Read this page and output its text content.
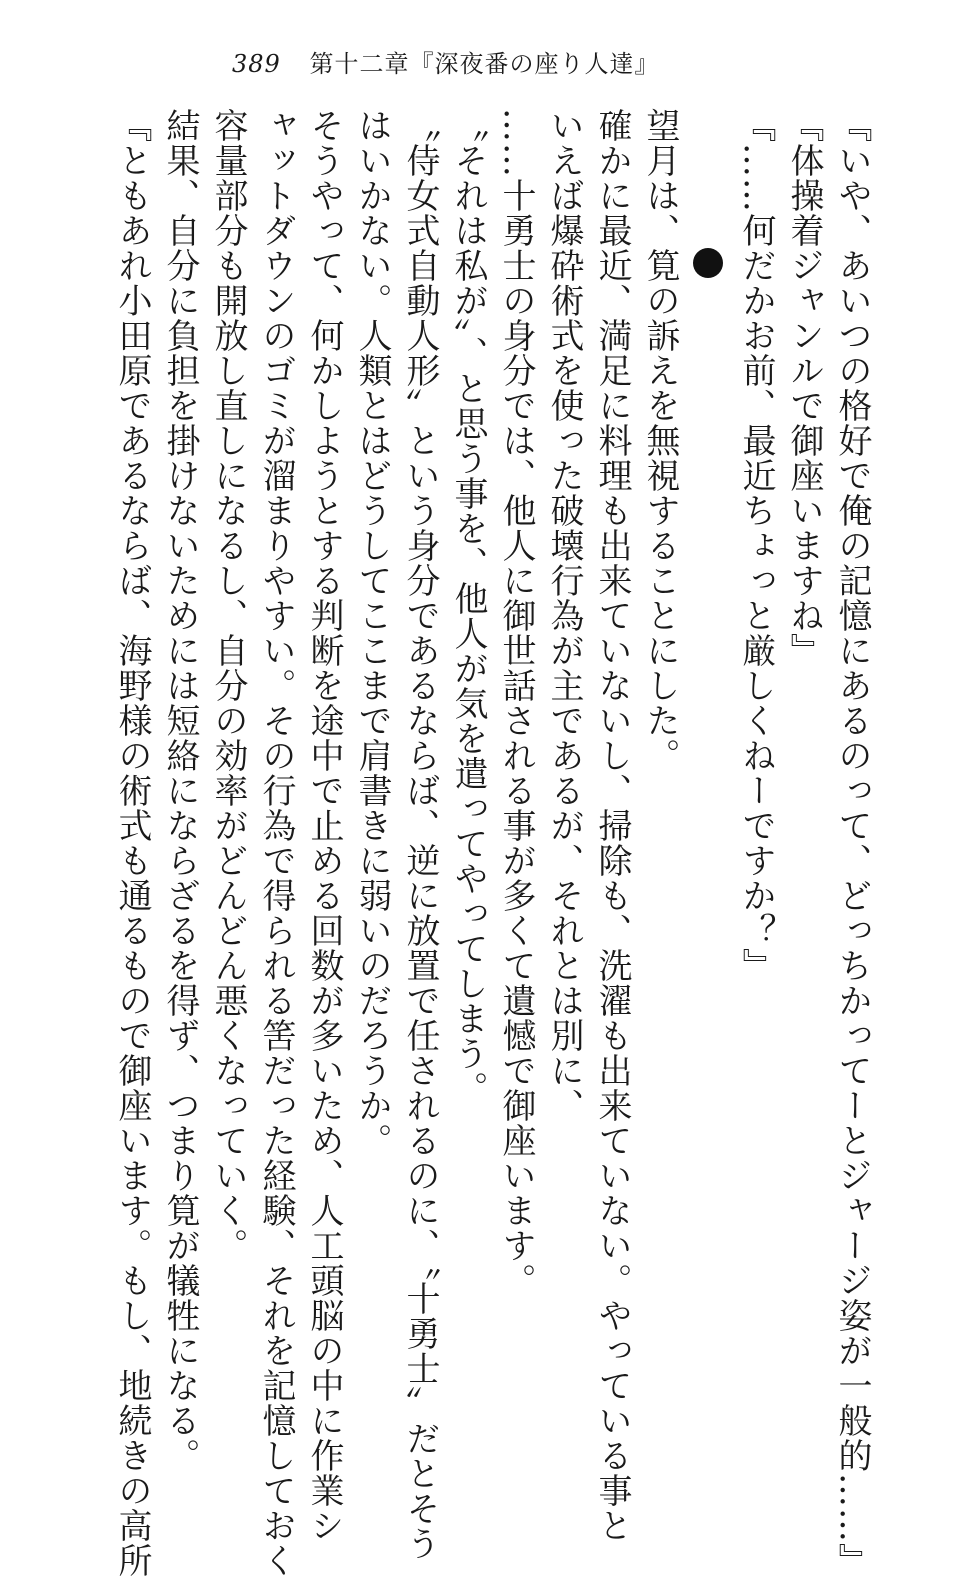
389 第十二章『深夜番の座り人達』
『いや、あいつの格好で俺の記憶にあるのって、どっちかってーとジャージ姿が一般的……』
『体操着ジャンルで御座いますね』
『……何だかお前、最近ちょっと厳しくねーですか？』
望月は、筧の訴えを無視することにした。
確かに最近、満足に料理も出来ていないし、掃除も、洗濯も出来ていない。やっている事と
いえば爆砕術式を使った破壊行為が主であるが、それとは別に、
……十勇士の身分では、他人に御世話される事が多くて遺憾で御座います。
〝それは私が〟、と思う事を、他人が気を遣ってやってしまう。
〝侍女式自動人形〟という身分であるならば、逆に放置で任されるのに、〝十勇士〟だとそう
はいかない。人類とはどうしてここまで肩書きに弱いのだろうか。
そうやって、何かしようとする判断を途中で止める回数が多いため、人工頭脳の中に作業シ
ャットダウンのゴミが溜まりやすい。その行為で得られる筈だった経験、それを記憶しておく
容量部分も開放し直しになるし、自分の効率がどんどん悪くなっていく。
結果、自分に負担を掛けないためには短絡にならざるを得ず、つまり筧が犠牲になる。
『ともあれ小田原であるならば、海野様の術式も通るもので御座います。もし、地続きの高所
